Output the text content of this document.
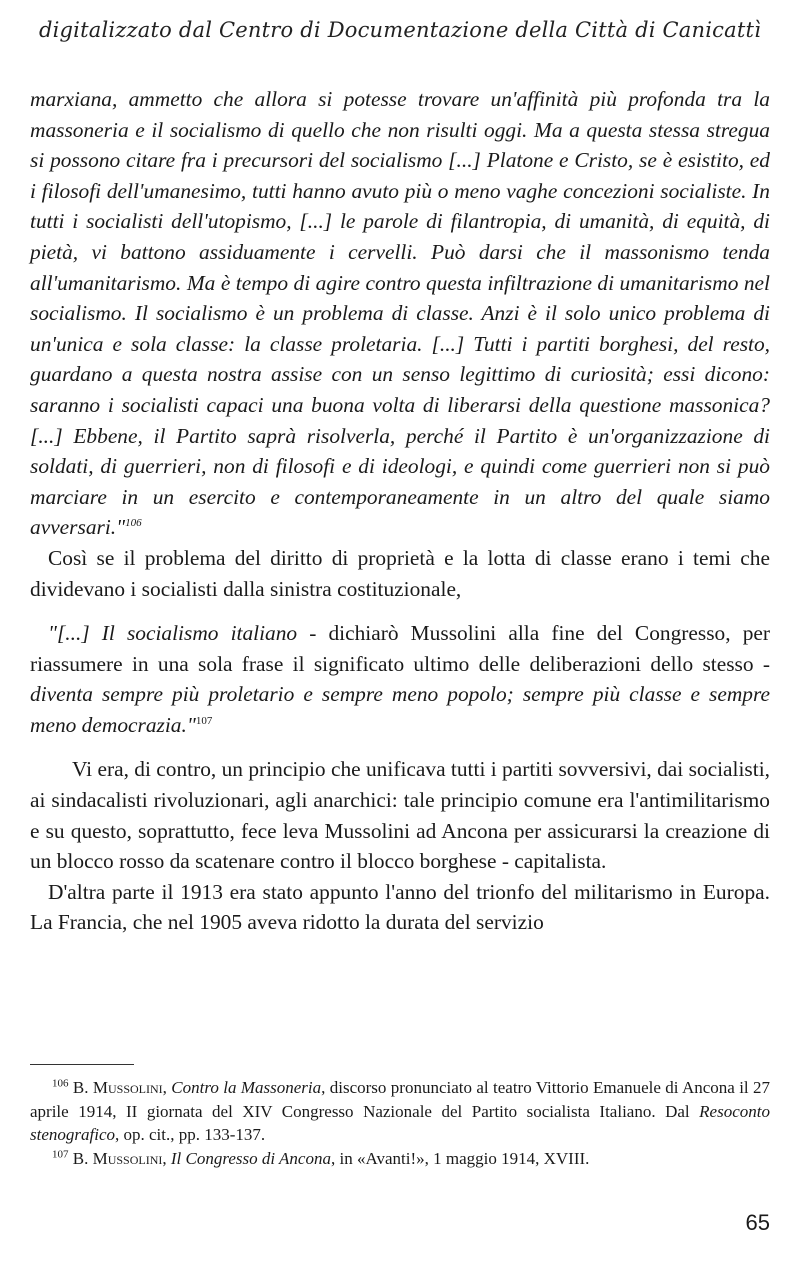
digitalizzato dal Centro di Documentazione della Città di Canicattì

marxiana, ammetto che allora si potesse trovare un'affinità più profonda tra la massoneria e il socialismo di quello che non risulti oggi. Ma a questa stessa stregua si possono citare fra i precursori del socialismo [...] Platone e Cristo, se è esistito, ed i filosofi dell'umanesimo, tutti hanno avuto più o meno vaghe concezioni socialiste. In tutti i socialisti dell'utopismo, [...] le parole di filantropia, di umanità, di equità, di pietà, vi battono assiduamente i cervelli. Può darsi che il massonismo tenda all'umanitarismo. Ma è tempo di agire contro questa infiltrazione di umanitarismo nel socialismo. Il socialismo è un problema di classe. Anzi è il solo unico problema di un'unica e sola classe: la classe proletaria. [...] Tutti i partiti borghesi, del resto, guardano a questa nostra assise con un senso legittimo di curiosità; essi dicono: saranno i socialisti capaci una buona volta di liberarsi della questione massonica? [...] Ebbene, il Partito saprà risolverla, perché il Partito è un'organizzazione di soldati, di guerrieri, non di filosofi e di ideologi, e quindi come guerrieri non si può marciare in un esercito e contemporaneamente in un altro del quale siamo avversari."$^{106}$

Così se il problema del diritto di proprietà e la lotta di classe erano i temi che dividevano i socialisti dalla sinistra costituzionale,

"[...] Il socialismo italiano - dichiarò Mussolini alla fine del Congresso, per riassumere in una sola frase il significato ultimo delle deliberazioni dello stesso - diventa sempre più proletario e sempre meno popolo; sempre più classe e sempre meno democrazia."$^{107}$

Vi era, di contro, un principio che unificava tutti i partiti sovversivi, dai socialisti, ai sindacalisti rivoluzionari, agli anarchici: tale principio comune era l'antimilitarismo e su questo, soprattutto, fece leva Mussolini ad Ancona per assicurarsi la creazione di un blocco rosso da scatenare contro il blocco borghese - capitalista.

D'altra parte il 1913 era stato appunto l'anno del trionfo del militarismo in Europa. La Francia, che nel 1905 aveva ridotto la durata del servizio

$^{106}$ B. Mussolini, Contro la Massoneria, discorso pronunciato al teatro Vittorio Emanuele di Ancona il 27 aprile 1914, II giornata del XIV Congresso Nazionale del Partito socialista Italiano. Dal Resoconto stenografico, op. cit., pp. 133-137.

$^{107}$ B. Mussolini, Il Congresso di Ancona, in «Avanti!», 1 maggio 1914, XVIII.

65
